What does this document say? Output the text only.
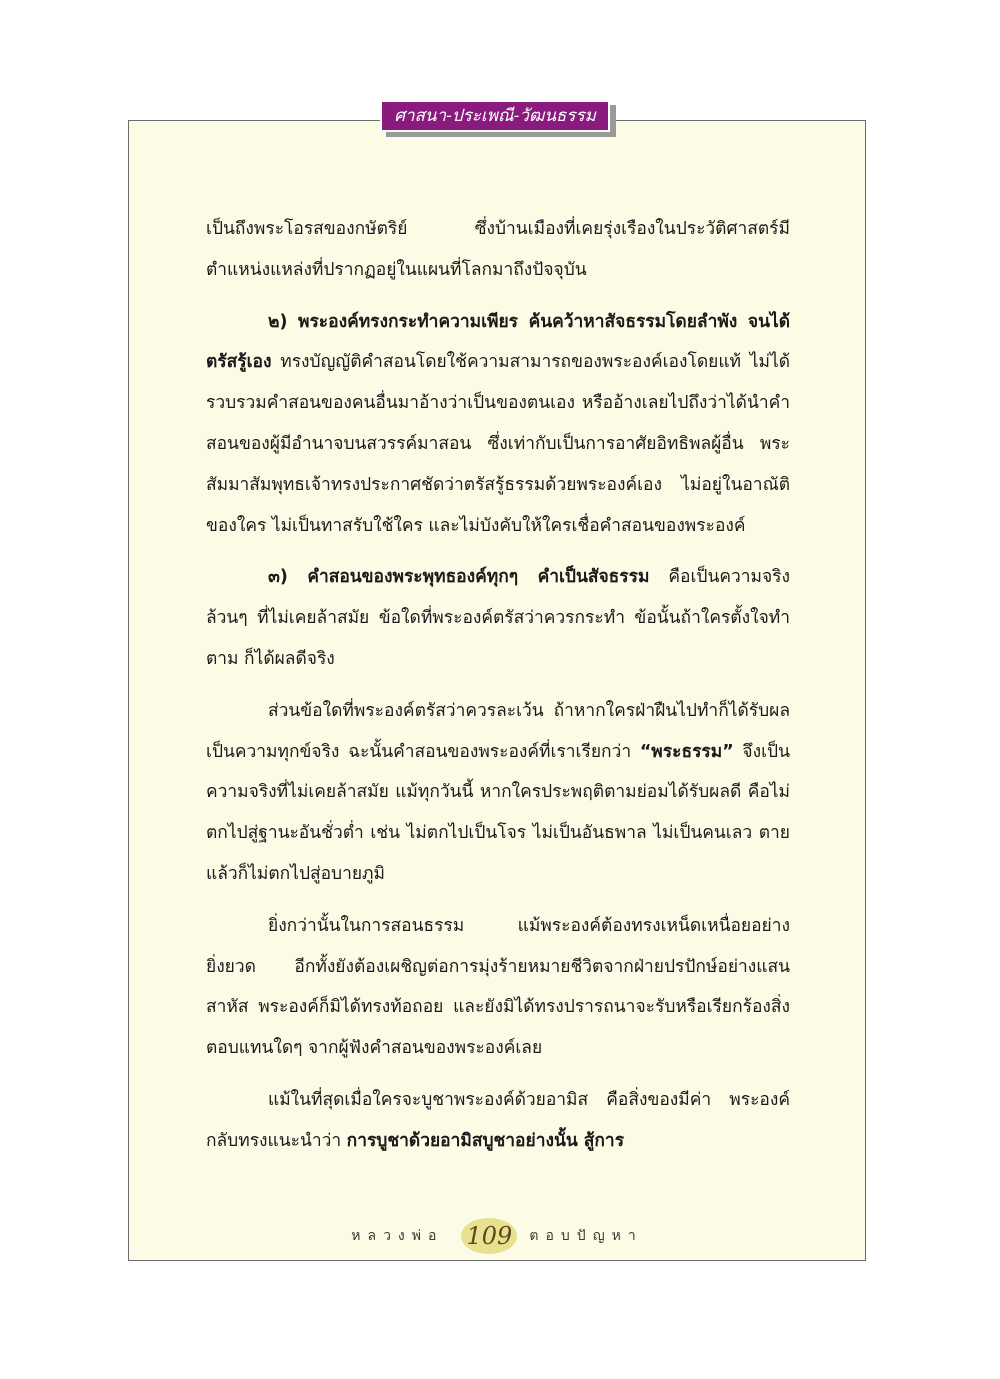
ศาสนา-ประเพณี-วัฒนธรรม

เป็นถึงพระโอรสของกษัตริย์ ซึ่งบ้านเมืองที่เคยรุ่งเรืองในประวัติศาสตร์มีตำแหน่งแหล่งที่ปรากฏอยู่ในแผนที่โลกมาถึงปัจจุบัน

๒) พระองค์ทรงกระทำความเพียร ค้นคว้าหาสัจธรรมโดยลำพัง จนได้ตรัสรู้เอง ทรงบัญญัติคำสอนโดยใช้ความสามารถของพระองค์เองโดยแท้ ไม่ได้รวบรวมคำสอนของคนอื่นมาอ้างว่าเป็นของตนเอง หรืออ้างเลยไปถึงว่าได้นำคำสอนของผู้มีอำนาจบนสวรรค์มาสอน ซึ่งเท่ากับเป็นการอาศัยอิทธิพลผู้อื่น พระสัมมาสัมพุทธเจ้าทรงประกาศชัดว่าตรัสรู้ธรรมด้วยพระองค์เอง ไม่อยู่ในอาณัติของใคร ไม่เป็นทาสรับใช้ใคร และไม่บังคับให้ใครเชื่อคำสอนของพระองค์

๓) คำสอนของพระพุทธองค์ทุกๆ คำเป็นสัจธรรม คือเป็นความจริงล้วนๆ ที่ไม่เคยล้าสมัย ข้อใดที่พระองค์ตรัสว่าควรกระทำ ข้อนั้นถ้าใครตั้งใจทำตาม ก็ได้ผลดีจริง

ส่วนข้อใดที่พระองค์ตรัสว่าควรละเว้น ถ้าหากใครฝ่าฝืนไปทำก็ได้รับผลเป็นความทุกข์จริง ฉะนั้นคำสอนของพระองค์ที่เราเรียกว่า “พระธรรม” จึงเป็นความจริงที่ไม่เคยล้าสมัย แม้ทุกวันนี้ หากใครประพฤติตามย่อมได้รับผลดี คือไม่ตกไปสู่ฐานะอันชั่วต่ำ เช่น ไม่ตกไปเป็นโจร ไม่เป็นอันธพาล ไม่เป็นคนเลว ตายแล้วก็ไม่ตกไปสู่อบายภูมิ

ยิ่งกว่านั้นในการสอนธรรม แม้พระองค์ต้องทรงเหน็ดเหนื่อยอย่างยิ่งยวด อีกทั้งยังต้องเผชิญต่อการมุ่งร้ายหมายชีวิตจากฝ่ายปรปักษ์อย่างแสนสาหัส พระองค์ก็มิได้ทรงท้อถอย และยังมิได้ทรงปรารถนาจะรับหรือเรียกร้องสิ่งตอบแทนใดๆ จากผู้ฟังคำสอนของพระองค์เลย

แม้ในที่สุดเมื่อใครจะบูชาพระองค์ด้วยอามิส คือสิ่งของมีค่า พระองค์กลับทรงแนะนำว่า การบูชาด้วยอามิสบูชาอย่างนั้น สู้การ

หลวงพ่อ 109	ตอบปัญหา
